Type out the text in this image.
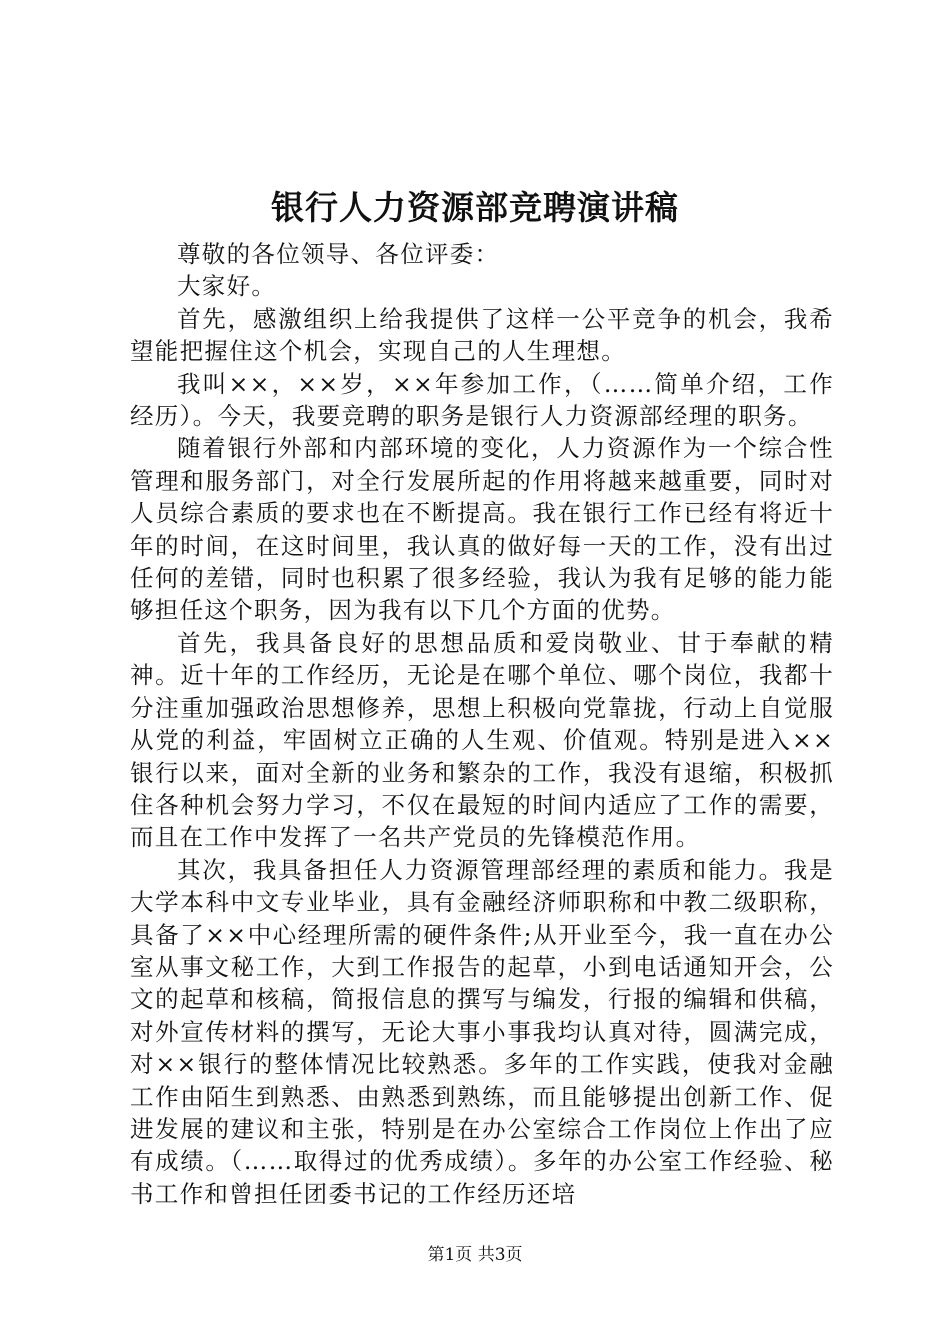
银行人力资源部竞聘演讲稿

尊敬的各位领导、各位评委：

大家好。

首先，感激组织上给我提供了这样一公平竞争的机会，我希望能把握住这个机会，实现自己的人生理想。

我叫××，××岁，××年参加工作，（……简单介绍，工作经历）。今天，我要竞聘的职务是银行人力资源部经理的职务。

随着银行外部和内部环境的变化，人力资源作为一个综合性管理和服务部门，对全行发展所起的作用将越来越重要，同时对人员综合素质的要求也在不断提高。我在银行工作已经有将近十年的时间，在这时间里，我认真的做好每一天的工作，没有出过任何的差错，同时也积累了很多经验，我认为我有足够的能力能够担任这个职务，因为我有以下几个方面的优势。

首先，我具备良好的思想品质和爱岗敬业、甘于奉献的精神。近十年的工作经历，无论是在哪个单位、哪个岗位，我都十分注重加强政治思想修养，思想上积极向党靠拢，行动上自觉服从党的利益，牢固树立正确的人生观、价值观。特别是进入××银行以来，面对全新的业务和繁杂的工作，我没有退缩，积极抓住各种机会努力学习，不仅在最短的时间内适应了工作的需要，而且在工作中发挥了一名共产党员的先锋模范作用。

其次，我具备担任人力资源管理部经理的素质和能力。我是大学本科中文专业毕业，具有金融经济师职称和中教二级职称，具备了××中心经理所需的硬件条件;从开业至今，我一直在办公室从事文秘工作，大到工作报告的起草，小到电话通知开会，公文的起草和核稿，简报信息的撰写与编发，行报的编辑和供稿，对外宣传材料的撰写，无论大事小事我均认真对待，圆满完成，对××银行的整体情况比较熟悉。多年的工作实践，使我对金融工作由陌生到熟悉、由熟悉到熟练，而且能够提出创新工作、促进发展的建议和主张，特别是在办公室综合工作岗位上作出了应有成绩。（……取得过的优秀成绩）。多年的办公室工作经验、秘书工作和曾担任团委书记的工作经历还培

第1页 共3页
